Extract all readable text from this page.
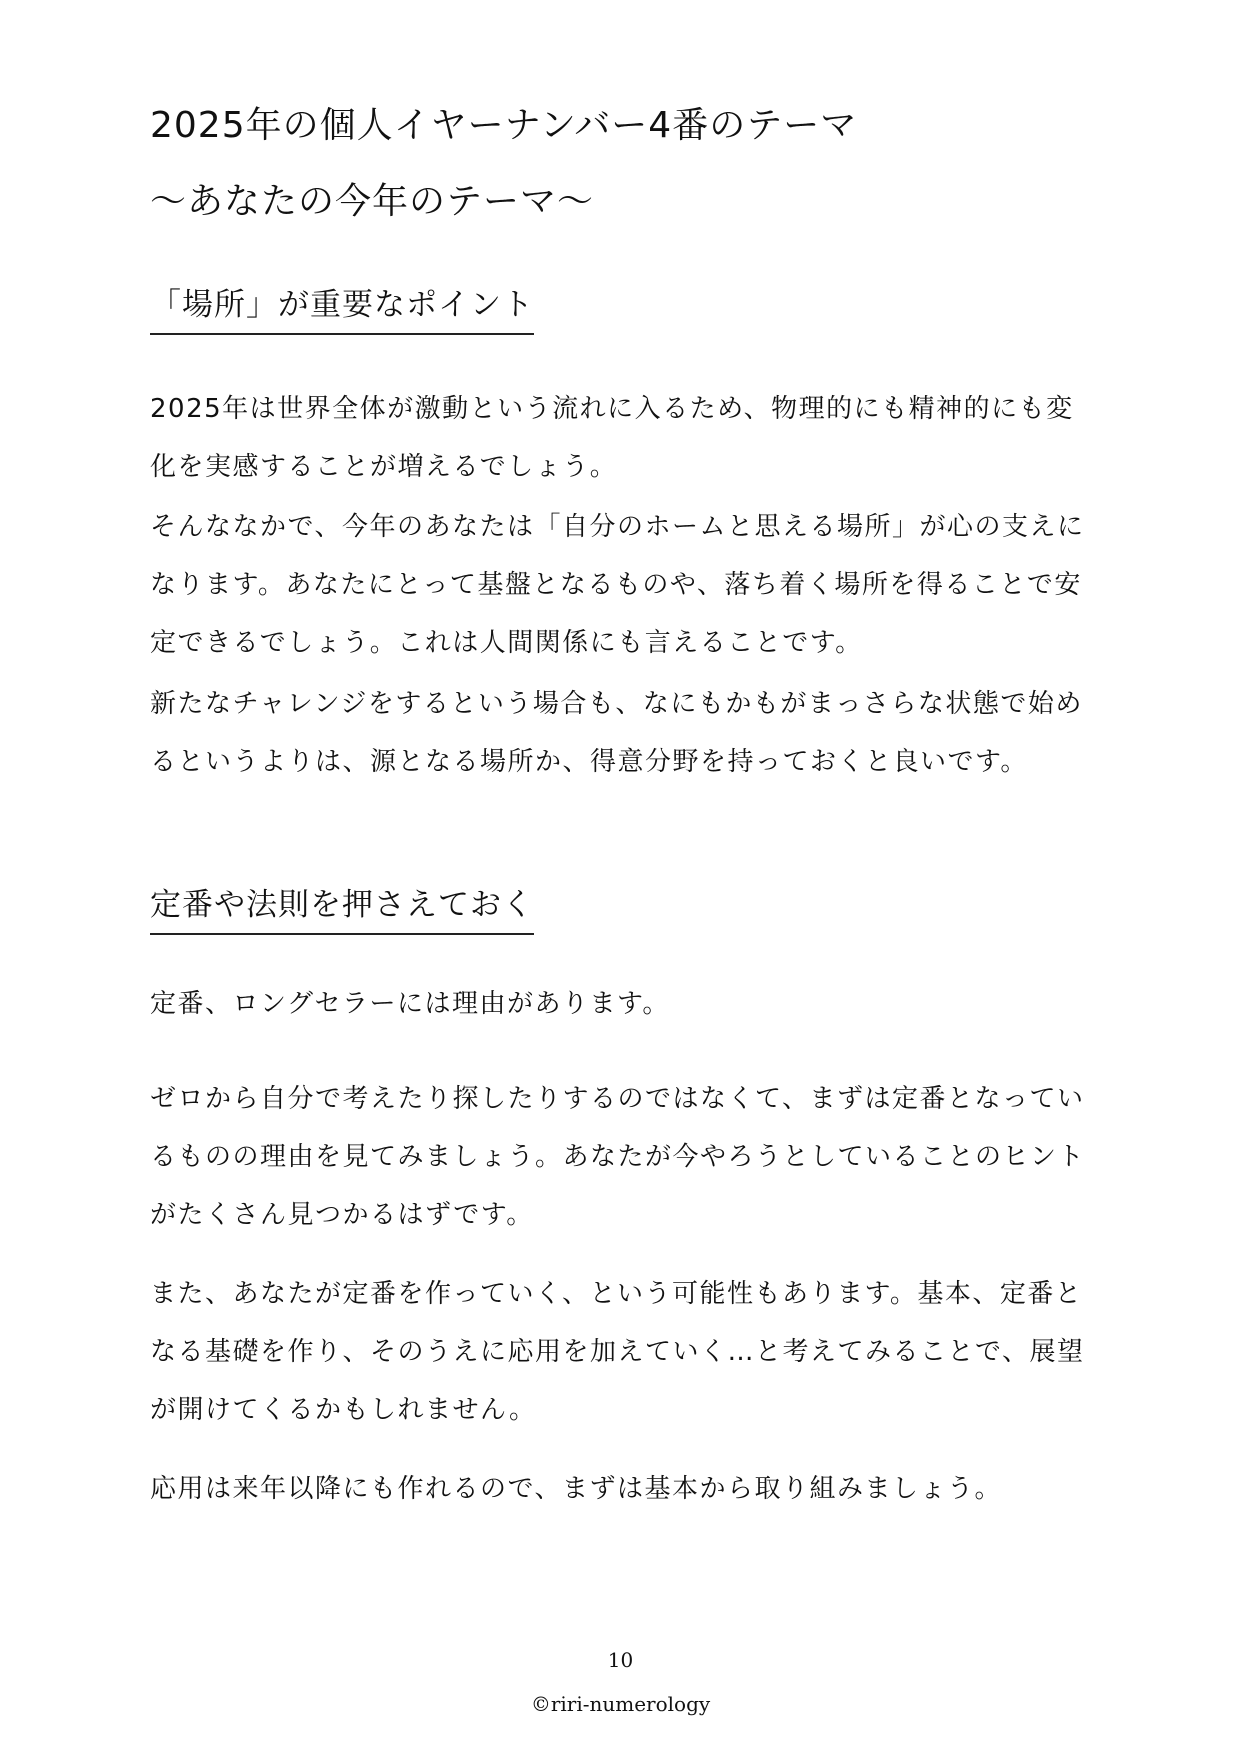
2025年の個人イヤーナンバー4番のテーマ
～あなたの今年のテーマ～
「場所」が重要なポイント

2025年は世界全体が激動という流れに入るため、物理的にも精神的にも変化を実感することが増えるでしょう。

そんななかで、今年のあなたは「自分のホームと思える場所」が心の支えになります。あなたにとって基盤となるものや、落ち着く場所を得ることで安定できるでしょう。これは人間関係にも言えることです。

新たなチャレンジをするという場合も、なにもかもがまっさらな状態で始めるというよりは、源となる場所か、得意分野を持っておくと良いです。

定番や法則を押さえておく

定番、ロングセラーには理由があります。

ゼロから自分で考えたり探したりするのではなくて、まずは定番となっているものの理由を見てみましょう。あなたが今やろうとしていることのヒントがたくさん見つかるはずです。

また、あなたが定番を作っていく、という可能性もあります。基本、定番となる基礎を作り、そのうえに応用を加えていく…と考えてみることで、展望が開けてくるかもしれません。

応用は来年以降にも作れるので、まずは基本から取り組みましょう。

10
©riri-numerology
